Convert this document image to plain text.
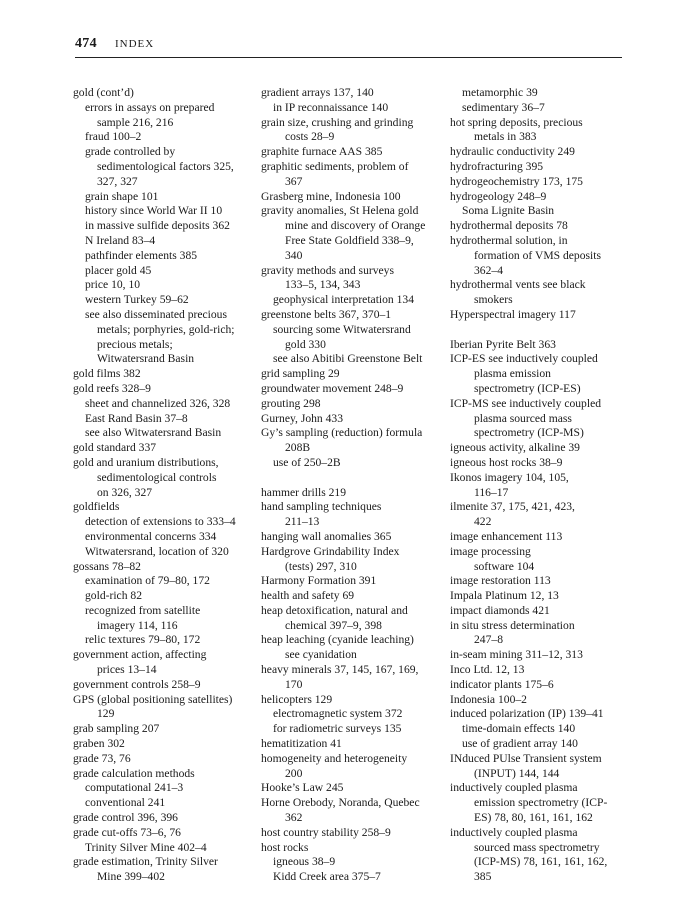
474 INDEX
gold (cont’d)
errors in assays on prepared
sample 216, 216
fraud 100–2
grade controlled by
sedimentological factors 325,
327, 327
grain shape 101
history since World War II 10
in massive sulfide deposits 362
N Ireland 83–4
pathfinder elements 385
placer gold 45
price 10, 10
western Turkey 59–62
see also disseminated precious
metals; porphyries, gold-rich;
precious metals;
Witwatersrand Basin
gold films 382
gold reefs 328–9
sheet and channelized 326, 328
East Rand Basin 37–8
see also Witwatersrand Basin
gold standard 337
gold and uranium distributions,
sedimentological controls
on 326, 327
goldfields
detection of extensions to 333–4
environmental concerns 334
Witwatersrand, location of 320
gossans 78–82
examination of 79–80, 172
gold-rich 82
recognized from satellite
imagery 114, 116
relic textures 79–80, 172
government action, affecting
prices 13–14
government controls 258–9
GPS (global positioning satellites)
129
grab sampling 207
graben 302
grade 73, 76
grade calculation methods
computational 241–3
conventional 241
grade control 396, 396
grade cut-offs 73–6, 76
Trinity Silver Mine 402–4
grade estimation, Trinity Silver
Mine 399–402
gradient arrays 137, 140
in IP reconnaissance 140
grain size, crushing and grinding
costs 28–9
graphite furnace AAS 385
graphitic sediments, problem of
367
Grasberg mine, Indonesia 100
gravity anomalies, St Helena gold
mine and discovery of Orange
Free State Goldfield 338–9,
340
gravity methods and surveys
133–5, 134, 343
geophysical interpretation 134
greenstone belts 367, 370–1
sourcing some Witwatersrand
gold 330
see also Abitibi Greenstone Belt
grid sampling 29
groundwater movement 248–9
grouting 298
Gurney, John 433
Gy’s sampling (reduction) formula
208B
use of 250–2B
hammer drills 219
hand sampling techniques
211–13
hanging wall anomalies 365
Hardgrove Grindability Index
(tests) 297, 310
Harmony Formation 391
health and safety 69
heap detoxification, natural and
chemical 397–9, 398
heap leaching (cyanide leaching)
see cyanidation
heavy minerals 37, 145, 167, 169,
170
helicopters 129
electromagnetic system 372
for radiometric surveys 135
hematitization 41
homogeneity and heterogeneity
200
Hooke’s Law 245
Horne Orebody, Noranda, Quebec
362
host country stability 258–9
host rocks
igneous 38–9
Kidd Creek area 375–7
metamorphic 39
sedimentary 36–7
hot spring deposits, precious
metals in 383
hydraulic conductivity 249
hydrofracturing 395
hydrogeochemistry 173, 175
hydrogeology 248–9
Soma Lignite Basin
hydrothermal deposits 78
hydrothermal solution, in
formation of VMS deposits
362–4
hydrothermal vents see black
smokers
Hyperspectral imagery 117
Iberian Pyrite Belt 363
ICP-ES see inductively coupled
plasma emission
spectrometry (ICP-ES)
ICP-MS see inductively coupled
plasma sourced mass
spectrometry (ICP-MS)
igneous activity, alkaline 39
igneous host rocks 38–9
Ikonos imagery 104, 105,
116–17
ilmenite 37, 175, 421, 423,
422
image enhancement 113
image processing
software 104
image restoration 113
Impala Platinum 12, 13
impact diamonds 421
in situ stress determination
247–8
in-seam mining 311–12, 313
Inco Ltd. 12, 13
indicator plants 175–6
Indonesia 100–2
induced polarization (IP) 139–41
time-domain effects 140
use of gradient array 140
INduced PUlse Transient system
(INPUT) 144, 144
inductively coupled plasma
emission spectrometry (ICP-
ES) 78, 80, 161, 161, 162
inductively coupled plasma
sourced mass spectrometry
(ICP-MS) 78, 161, 161, 162,
385
